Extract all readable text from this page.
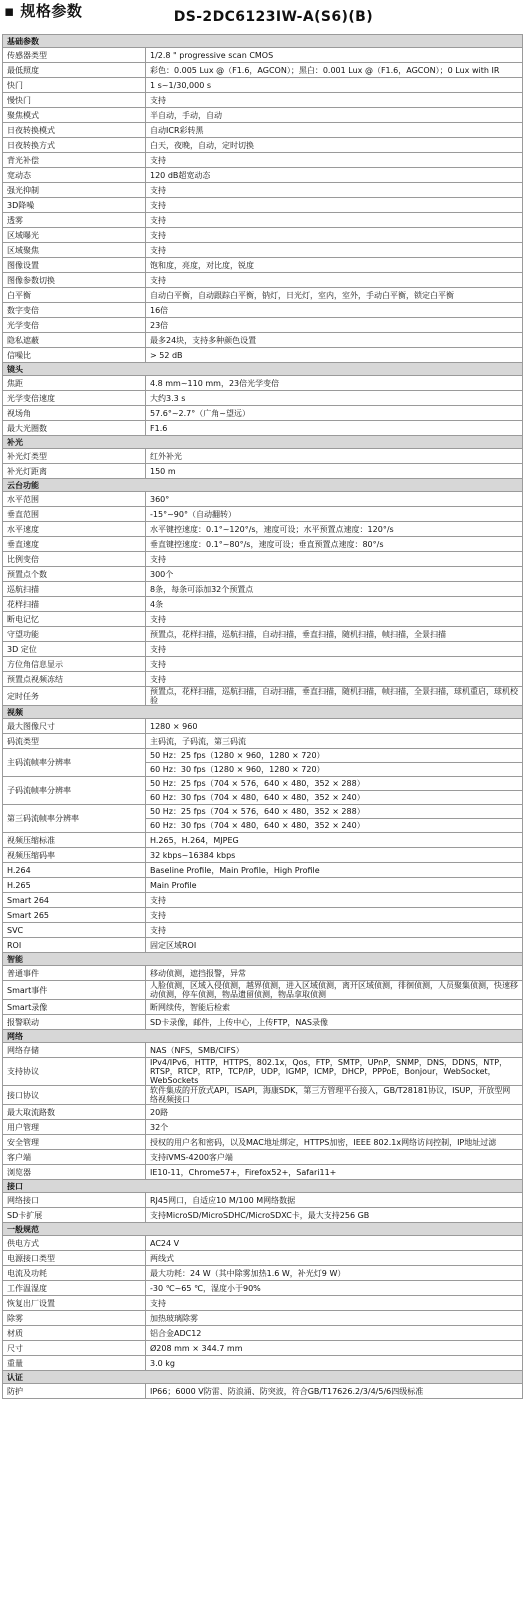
▪ 规格参数	DS-2DC6123IW-A(S6)(B)
基础参数	
传感器类型	1/2.8 " progressive scan CMOS
最低照度	彩色：0.005 Lux @（F1.6，AGCON）；黑白：0.001 Lux @（F1.6，AGCON）；0 Lux with IR
快门	1 s~1/30,000 s
慢快门	支持
聚焦模式	半自动，手动，自动
日夜转换模式	自动ICR彩转黑
日夜转换方式	白天，夜晚，自动，定时切换
背光补偿	支持
宽动态	120 dB超宽动态
强光抑制	支持
3D降噪	支持
透雾	支持
区域曝光	支持
区域聚焦	支持
图像设置	饱和度，亮度，对比度，锐度
图像参数切换	支持
白平衡	自动白平衡，自动跟踪白平衡，钠灯，日光灯，室内，室外，手动白平衡，锁定白平衡
数字变倍	16倍
光学变倍	23倍
隐私遮蔽	最多24块，支持多种颜色设置
信噪比	> 52 dB
镜头	
焦距	4.8 mm~110 mm，23倍光学变倍
光学变倍速度	大约3.3 s
视场角	57.6°~2.7°（广角~望远）
最大光圈数	F1.6
补光	
补光灯类型	红外补光
补光灯距离	150 m
云台功能	
水平范围	360°
垂直范围	-15°~90°（自动翻转）
水平速度	水平键控速度：0.1°~120°/s，速度可设；水平预置点速度：120°/s
垂直速度	垂直键控速度：0.1°~80°/s，速度可设；垂直预置点速度：80°/s
比例变倍	支持
预置点个数	300个
巡航扫描	8条，每条可添加32个预置点
花样扫描	4条
断电记忆	支持
守望功能	预置点，花样扫描，巡航扫描，自动扫描，垂直扫描，随机扫描，帧扫描，全景扫描
3D 定位	支持
方位角信息显示	支持
预置点视频冻结	支持
定时任务	预置点，花样扫描，巡航扫描，自动扫描，垂直扫描，随机扫描，帧扫描，全景扫描，球机重启，球机校验
视频	
最大图像尺寸	1280 × 960
码流类型	主码流，子码流，第三码流
主码流帧率分辨率	50 Hz：25 fps（1280 × 960，1280 × 720）
	60 Hz：30 fps（1280 × 960，1280 × 720）
子码流帧率分辨率	50 Hz：25 fps（704 × 576，640 × 480，352 × 288）
	60 Hz：30 fps（704 × 480，640 × 480，352 × 240）
第三码流帧率分辨率	50 Hz：25 fps（704 × 576，640 × 480，352 × 288）
	60 Hz：30 fps（704 × 480，640 × 480，352 × 240）
视频压缩标准	H.265，H.264，MJPEG
视频压缩码率	32 kbps~16384 kbps
H.264	Baseline Profile，Main Profile，High Profile
H.265	Main Profile
Smart 264	支持
Smart 265	支持
SVC	支持
ROI	固定区域ROI
智能	
普通事件	移动侦测，遮挡报警，异常
Smart事件	人脸侦测，区域入侵侦测，越界侦测，进入区域侦测，离开区域侦测，徘徊侦测，人员聚集侦测，快速移动侦测，停车侦测，物品遗留侦测，物品拿取侦测
Smart录像	断网续传，智能后检索
报警联动	SD卡录像，邮件，上传中心，上传FTP，NAS录像
网络	
网络存储	NAS（NFS，SMB/CIFS）
支持协议	IPv4/IPv6，HTTP，HTTPS，802.1x，Qos，FTP，SMTP，UPnP，SNMP，DNS，DDNS，NTP，RTSP，RTCP，RTP，TCP/IP，UDP，IGMP，ICMP，DHCP，PPPoE，Bonjour，WebSocket，WebSockets
接口协议	软件集成的开放式API，ISAPI，海康SDK，第三方管理平台接入，GB/T28181协议，ISUP，开放型网络视频接口
最大取流路数	20路
用户管理	32个
安全管理	授权的用户名和密码，以及MAC地址绑定，HTTPS加密，IEEE 802.1x网络访问控制，IP地址过滤
客户端	支持iVMS-4200客户端
浏览器	IE10-11，Chrome57+，Firefox52+，Safari11+
接口	
网络接口	RJ45网口，自适应10 M/100 M网络数据
SD卡扩展	支持MicroSD/MicroSDHC/MicroSDXC卡，最大支持256 GB
一般规范	
供电方式	AC24 V
电源接口类型	两线式
电流及功耗	最大功耗：24 W（其中除雾加热1.6 W，补光灯9 W）
工作温湿度	-30 ℃~65 ℃，湿度小于90%
恢复出厂设置	支持
除雾	加热玻璃除雾
材质	铝合金ADC12
尺寸	Ø208 mm × 344.7 mm
重量	3.0 kg
认证	
防护	IP66；6000 V防雷、防浪涌、防突波，符合GB/T17626.2/3/4/5/6四级标准
